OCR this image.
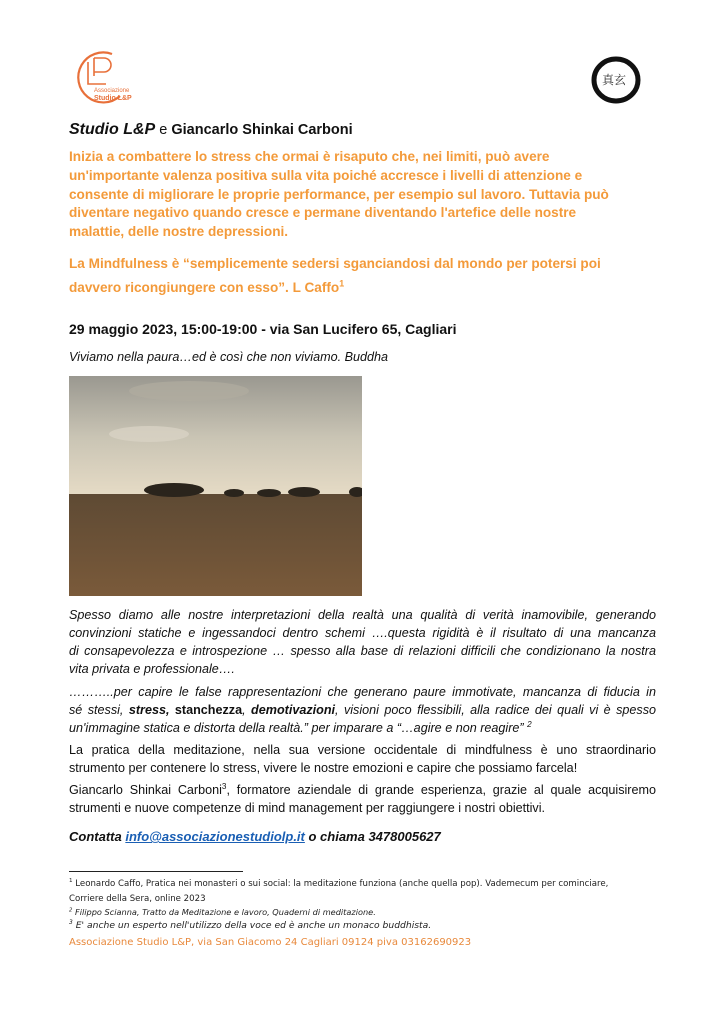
Associazione
Studio L&P
真玄
Studio L&P e Giancarlo Shinkai Carboni
Inizia a combattere lo stress che ormai è risaputo che, nei limiti, può avere
un'importante valenza positiva sulla vita poiché accresce i livelli di attenzione e
consente di migliorare le proprie performance, per esempio sul lavoro. Tuttavia può
diventare negativo quando cresce e permane diventando l'artefice delle nostre
malattie, delle nostre depressioni.
La Mindfulness è “semplicemente sedersi sganciandosi dal mondo per potersi poi
davvero ricongiungere con esso”. L Caffo$^1$
29 maggio 2023, 15:00-19:00 - via San Lucifero 65, Cagliari
Viviamo nella paura…ed è così che non viviamo. Buddha
Spesso diamo alle nostre interpretazioni della realtà una qualità di verità inamovibile, generando
convinzioni statiche e ingessandoci dentro schemi ….questa rigidità è il risultato di una mancanza
di consapevolezza e introspezione … spesso alla base di relazioni difficili che condizionano la nostra
vita privata e professionale….
………..per capire le false rappresentazioni che generano paure immotivate, mancanza di fiducia in
sé stessi, stress, stanchezza, demotivazioni, visioni poco flessibili, alla radice dei quali vi è spesso
un'immagine statica e distorta della realtà.” per imparare a “…agire e non reagire” $^2$
La pratica della meditazione, nella sua versione occidentale di mindfulness è uno straordinario
strumento per contenere lo stress, vivere le nostre emozioni e capire che possiamo farcela!
Giancarlo Shinkai Carboni$^3$, formatore aziendale di grande esperienza, grazie al quale acquisiremo
strumenti e nuove competenze di mind management per raggiungere i nostri obiettivi.
Contatta info@associazionestudiolp.it o chiama 3478005627
$^1$ Leonardo Caffo, Pratica nei monasteri o sui social: la meditazione funziona (anche quella pop). Vademecum per cominciare,
Corriere della Sera, online 2023
$^2$ Filippo Scianna, Tratto da Meditazione e lavoro, Quaderni di meditazione.
$^3$ E' anche un esperto nell'utilizzo della voce ed è anche un monaco buddhista.
Associazione Studio L&P, via San Giacomo 24 Cagliari 09124 piva 03162690923
